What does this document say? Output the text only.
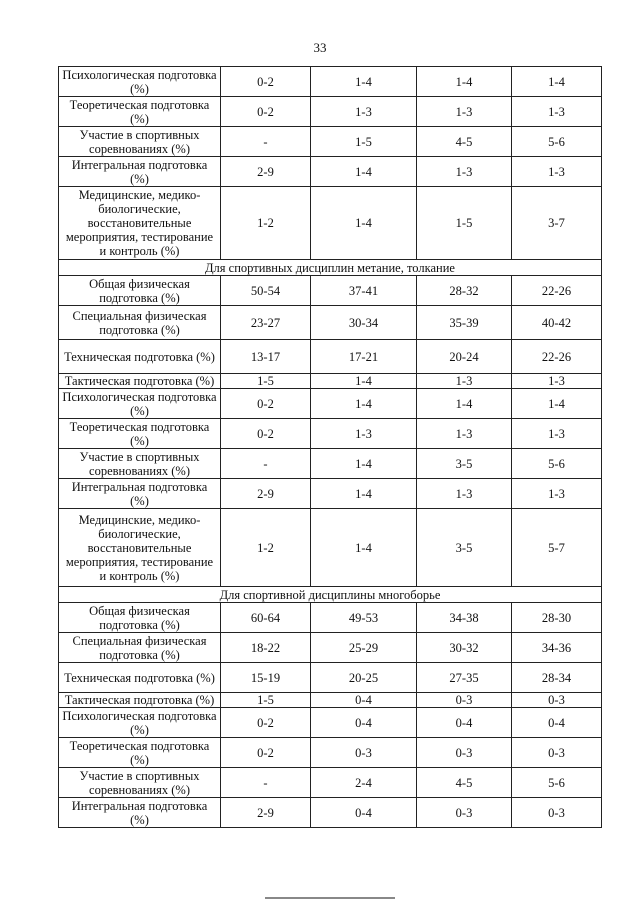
33
Психологическая подготовка (%)	0-2	1-4	1-4	1-4
Теоретическая подготовка (%)	0-2	1-3	1-3	1-3
Участие в спортивных соревнованиях (%)	-	1-5	4-5	5-6
Интегральная подготовка (%)	2-9	1-4	1-3	1-3
Медицинские, медико-биологические, восстановительные мероприятия, тестирование и контроль (%)	1-2	1-4	1-5	3-7
Для спортивных дисциплин метание, толкание				
Общая физическая подготовка (%)	50-54	37-41	28-32	22-26
Специальная физическая подготовка (%)	23-27	30-34	35-39	40-42
Техническая подготовка (%)	13-17	17-21	20-24	22-26
Тактическая подготовка (%)	1-5	1-4	1-3	1-3
Психологическая подготовка (%)	0-2	1-4	1-4	1-4
Теоретическая подготовка (%)	0-2	1-3	1-3	1-3
Участие в спортивных соревнованиях (%)	-	1-4	3-5	5-6
Интегральная подготовка (%)	2-9	1-4	1-3	1-3
Медицинские, медико-биологические, восстановительные мероприятия, тестирование и контроль (%)	1-2	1-4	3-5	5-7
Для спортивной дисциплины многоборье				
Общая физическая подготовка (%)	60-64	49-53	34-38	28-30
Специальная физическая подготовка (%)	18-22	25-29	30-32	34-36
Техническая подготовка (%)	15-19	20-25	27-35	28-34
Тактическая подготовка (%)	1-5	0-4	0-3	0-3
Психологическая подготовка (%)	0-2	0-4	0-4	0-4
Теоретическая подготовка (%)	0-2	0-3	0-3	0-3
Участие в спортивных соревнованиях (%)	-	2-4	4-5	5-6
Интегральная подготовка (%)	2-9	0-4	0-3	0-3
